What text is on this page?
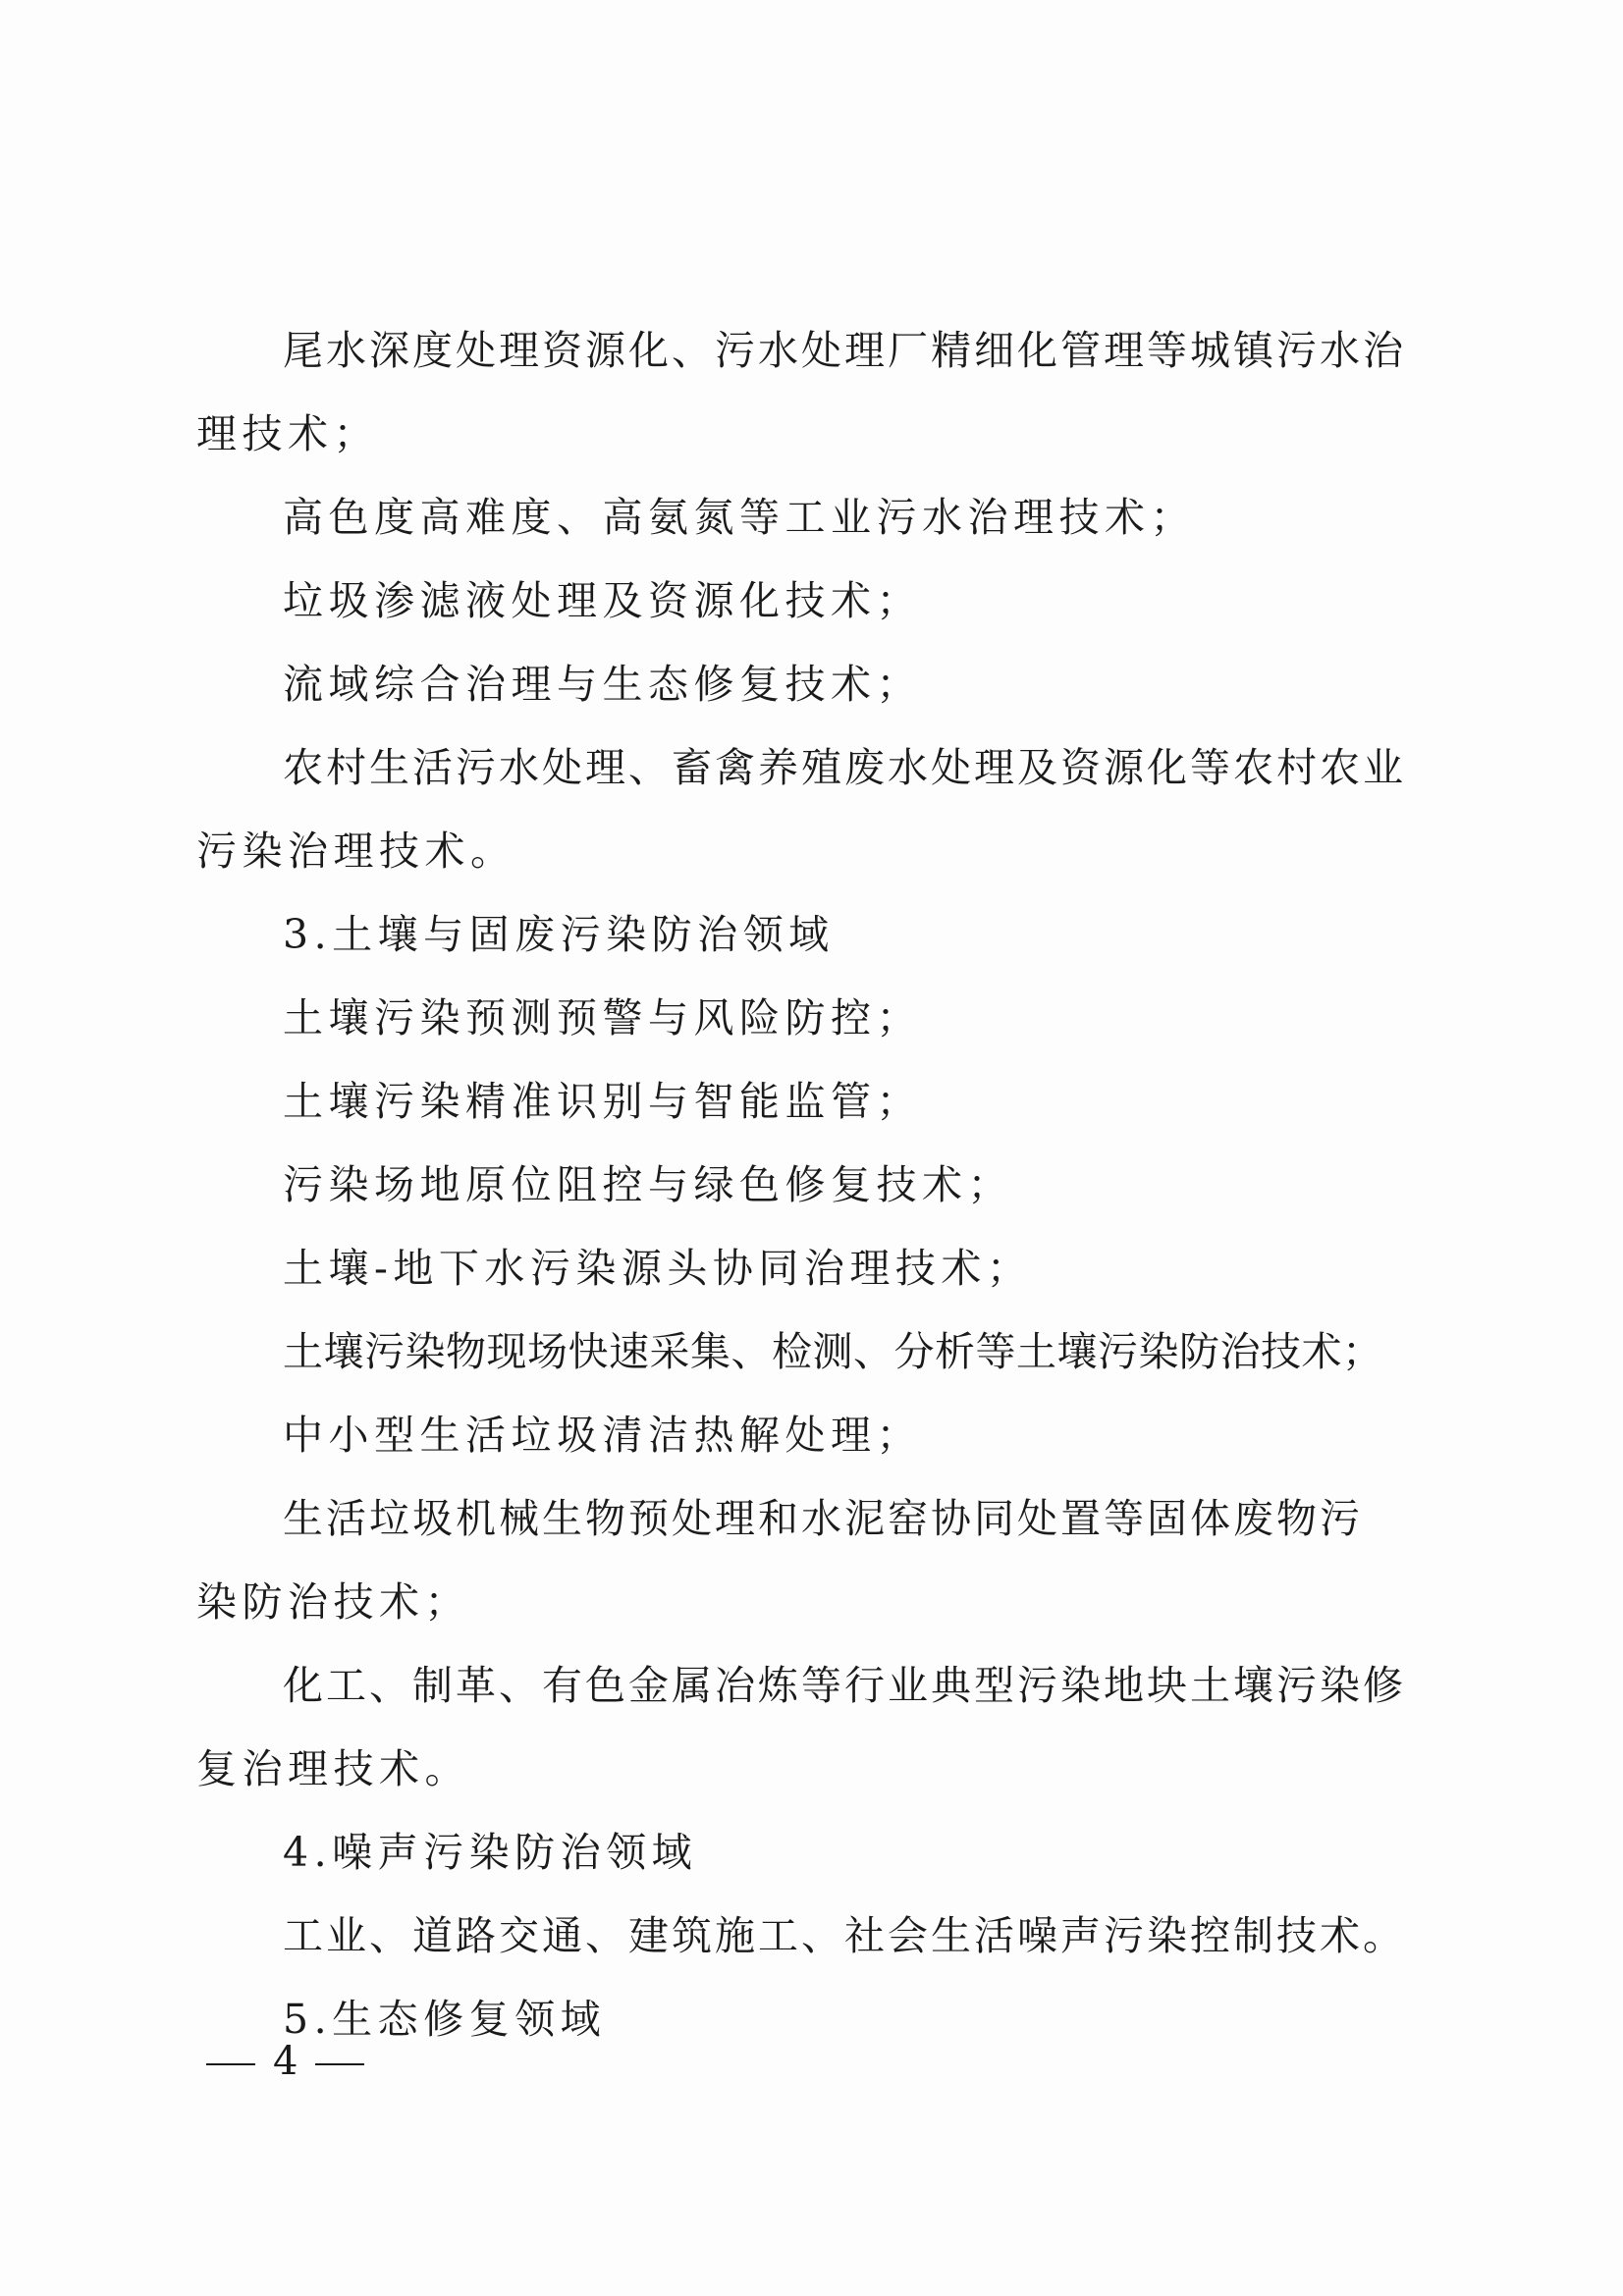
尾水深度处理资源化、污水处理厂精细化管理等城镇污水治
理技术；
高色度高难度、高氨氮等工业污水治理技术；
垃圾渗滤液处理及资源化技术；
流域综合治理与生态修复技术；
农村生活污水处理、畜禽养殖废水处理及资源化等农村农业
污染治理技术。
3.土壤与固废污染防治领域
土壤污染预测预警与风险防控；
土壤污染精准识别与智能监管；
污染场地原位阻控与绿色修复技术；
土壤-地下水污染源头协同治理技术；
土壤污染物现场快速采集、检测、分析等土壤污染防治技术；
中小型生活垃圾清洁热解处理；
生活垃圾机械生物预处理和水泥窑协同处置等固体废物污
染防治技术；
化工、制革、有色金属冶炼等行业典型污染地块土壤污染修
复治理技术。
4.噪声污染防治领域
工业、道路交通、建筑施工、社会生活噪声污染控制技术。
5.生态修复领域
4
